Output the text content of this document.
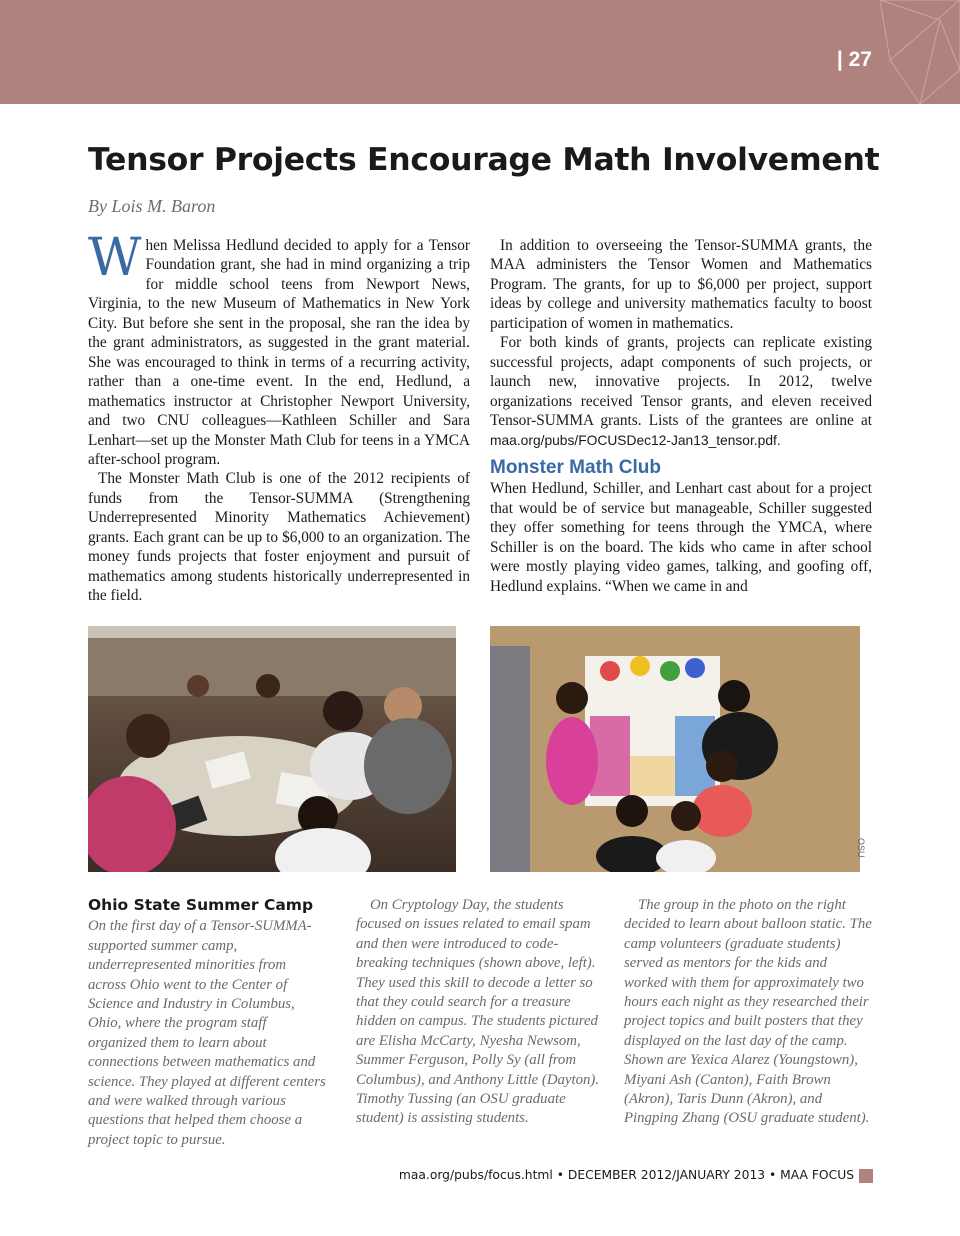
| 27
Tensor Projects Encourage Math Involvement
By Lois M. Baron

When Melissa Hedlund decided to apply for a Tensor Foundation grant, she had in mind organizing a trip for middle school teens from Newport News, Virginia, to the new Museum of Mathematics in New York City. But before she sent in the proposal, she ran the idea by the grant administrators, as suggested in the grant material. She was encouraged to think in terms of a recurring activity, rather than a one-time event. In the end, Hedlund, a mathematics instructor at Christopher Newport University, and two CNU colleagues—Kathleen Schiller and Sara Lenhart—set up the Monster Math Club for teens in a YMCA after-school program.

The Monster Math Club is one of the 2012 recipients of funds from the Tensor-SUMMA (Strengthening Underrepresented Minority Mathematics Achievement) grants. Each grant can be up to $6,000 to an organization. The money funds projects that foster enjoyment and pursuit of mathematics among students historically underrepresented in the field.

In addition to overseeing the Tensor-SUMMA grants, the MAA administers the Tensor Women and Mathematics Program. The grants, for up to $6,000 per project, support ideas by college and university mathematics faculty to boost participation of women in mathematics.

For both kinds of grants, projects can replicate existing successful projects, adapt components of such projects, or launch new, innovative projects. In 2012, twelve organizations received Tensor grants, and eleven received Tensor-SUMMA grants. Lists of the grantees are online at maa.org/pubs/FOCUSDec12-Jan13_tensor.pdf.

Monster Math Club

When Hedlund, Schiller, and Lenhart cast about for a project that would be of service but manageable, Schiller suggested they offer something for teens through the YMCA, where Schiller is on the board. The kids who came in after school were mostly playing video games, talking, and goofing off, Hedlund explains. “When we came in and

OSU
Ohio State Summer Camp

On the first day of a Tensor-SUMMA-supported summer camp, underrepresented minorities from across Ohio went to the Center of Science and Industry in Columbus, Ohio, where the program staff organized them to learn about connections between mathematics and science. They played at different centers and were walked through various questions that helped them choose a project topic to pursue.

On Cryptology Day, the students focused on issues related to email spam and then were introduced to code-breaking techniques (shown above, left). They used this skill to decode a letter so that they could search for a treasure hidden on campus. The students pictured are Elisha McCarty, Nyesha Newsom, Summer Ferguson, Polly Sy (all from Columbus), and Anthony Little (Dayton). Timothy Tussing (an OSU graduate student) is assisting students.

The group in the photo on the right decided to learn about balloon static. The camp volunteers (graduate students) served as mentors for the kids and worked with them for approximately two hours each night as they researched their project topics and built posters that they displayed on the last day of the camp. Shown are Yexica Alarez (Youngstown), Miyani Ash (Canton), Faith Brown (Akron), Taris Dunn (Akron), and Pingping Zhang (OSU graduate student).

maa.org/pubs/focus.html • DECEMBER 2012/JANUARY 2013 • MAA FOCUS
